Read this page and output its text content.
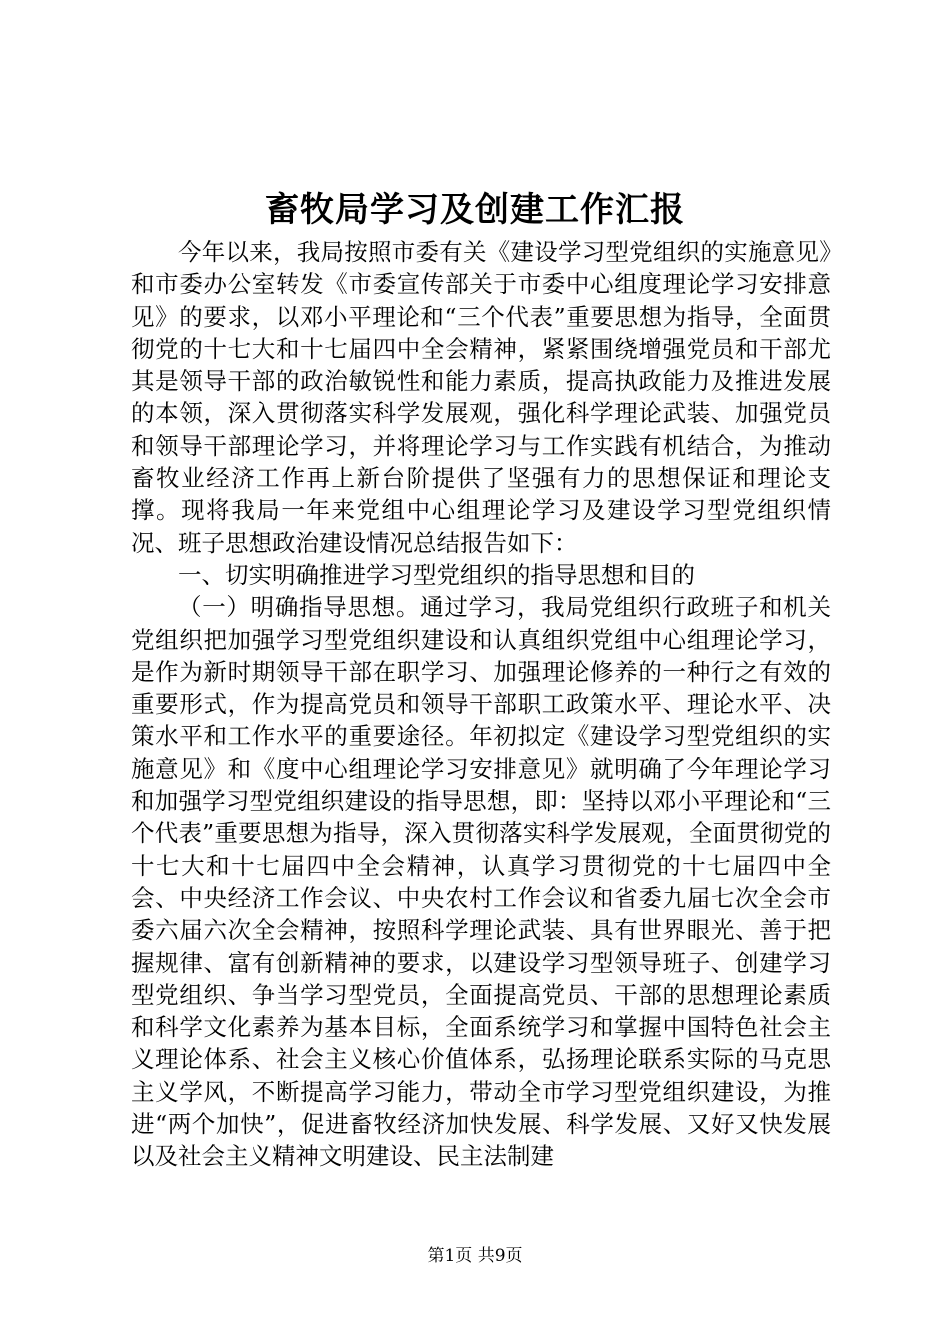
畜牧局学习及创建工作汇报

今年以来，我局按照市委有关《建设学习型党组织的实施意见》和市委办公室转发《市委宣传部关于市委中心组度理论学习安排意见》的要求，以邓小平理论和“三个代表”重要思想为指导，全面贯彻党的十七大和十七届四中全会精神，紧紧围绕增强党员和干部尤其是领导干部的政治敏锐性和能力素质，提高执政能力及推进发展的本领，深入贯彻落实科学发展观，强化科学理论武装、加强党员和领导干部理论学习，并将理论学习与工作实践有机结合，为推动畜牧业经济工作再上新台阶提供了坚强有力的思想保证和理论支撑。现将我局一年来党组中心组理论学习及建设学习型党组织情况、班子思想政治建设情况总结报告如下：

一、切实明确推进学习型党组织的指导思想和目的

（一）明确指导思想。通过学习，我局党组织行政班子和机关党组织把加强学习型党组织建设和认真组织党组中心组理论学习，是作为新时期领导干部在职学习、加强理论修养的一种行之有效的重要形式，作为提高党员和领导干部职工政策水平、理论水平、决策水平和工作水平的重要途径。年初拟定《建设学习型党组织的实施意见》和《度中心组理论学习安排意见》就明确了今年理论学习和加强学习型党组织建设的指导思想，即：坚持以邓小平理论和“三个代表”重要思想为指导，深入贯彻落实科学发展观，全面贯彻党的十七大和十七届四中全会精神，认真学习贯彻党的十七届四中全会、中央经济工作会议、中央农村工作会议和省委九届七次全会市委六届六次全会精神，按照科学理论武装、具有世界眼光、善于把握规律、富有创新精神的要求，以建设学习型领导班子、创建学习型党组织、争当学习型党员，全面提高党员、干部的思想理论素质和科学文化素养为基本目标，全面系统学习和掌握中国特色社会主义理论体系、社会主义核心价值体系，弘扬理论联系实际的马克思主义学风，不断提高学习能力，带动全市学习型党组织建设，为推进“两个加快”，促进畜牧经济加快发展、科学发展、又好又快发展以及社会主义精神文明建设、民主法制建

第1页 共9页
